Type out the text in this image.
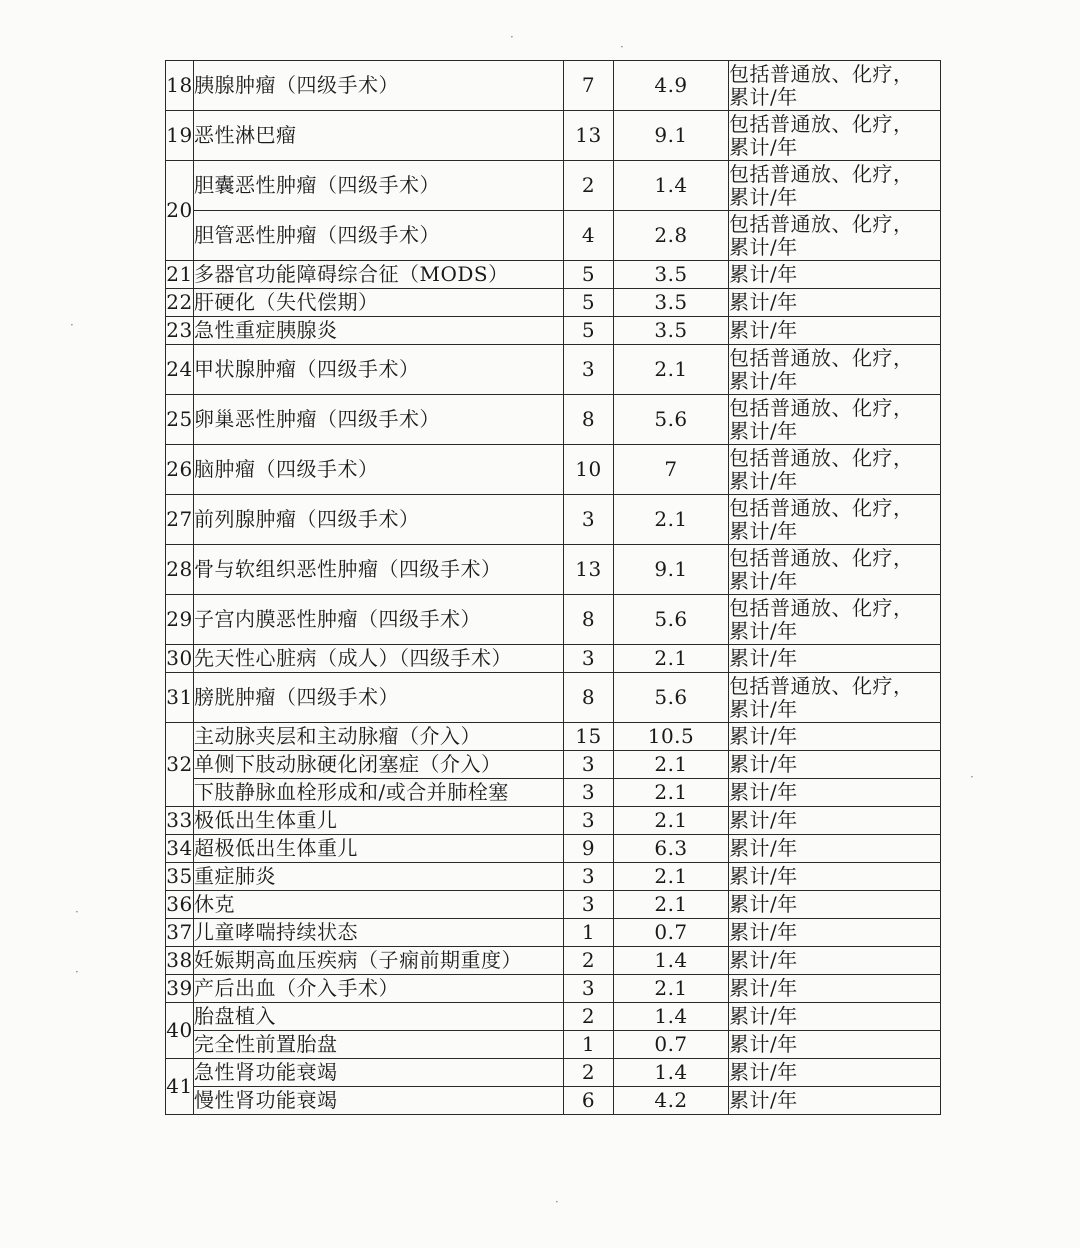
·
·
·
·
·
·
·
18	胰腺肿瘤（四级手术）	7	4.9	包括普通放、化疗，
累计/年

19	恶性淋巴瘤	13	9.1	包括普通放、化疗，
累计/年

20	胆囊恶性肿瘤（四级手术）	2	1.4	包括普通放、化疗，
累计/年

	胆管恶性肿瘤（四级手术）	4	2.8	包括普通放、化疗，
累计/年

21	多器官功能障碍综合征（MODS）	5	3.5	累计/年

22	肝硬化（失代偿期）	5	3.5	累计/年

23	急性重症胰腺炎	5	3.5	累计/年

24	甲状腺肿瘤（四级手术）	3	2.1	包括普通放、化疗，
累计/年

25	卵巢恶性肿瘤（四级手术）	8	5.6	包括普通放、化疗，
累计/年

26	脑肿瘤（四级手术）	10	7	包括普通放、化疗，
累计/年

27	前列腺肿瘤（四级手术）	3	2.1	包括普通放、化疗，
累计/年

28	骨与软组织恶性肿瘤（四级手术）	13	9.1	包括普通放、化疗，
累计/年

29	子宫内膜恶性肿瘤（四级手术）	8	5.6	包括普通放、化疗，
累计/年

30	先天性心脏病（成人）（四级手术）	3	2.1	累计/年

31	膀胱肿瘤（四级手术）	8	5.6	包括普通放、化疗，
累计/年

32	主动脉夹层和主动脉瘤（介入）	15	10.5	累计/年

	单侧下肢动脉硬化闭塞症（介入）	3	2.1	累计/年

	下肢静脉血栓形成和/或合并肺栓塞	3	2.1	累计/年

33	极低出生体重儿	3	2.1	累计/年

34	超极低出生体重儿	9	6.3	累计/年

35	重症肺炎	3	2.1	累计/年

36	休克	3	2.1	累计/年

37	儿童哮喘持续状态	1	0.7	累计/年

38	妊娠期高血压疾病（子痫前期重度）	2	1.4	累计/年

39	产后出血（介入手术）	3	2.1	累计/年

40	胎盘植入	2	1.4	累计/年

	完全性前置胎盘	1	0.7	累计/年

41	急性肾功能衰竭	2	1.4	累计/年

	慢性肾功能衰竭	6	4.2	累计/年
